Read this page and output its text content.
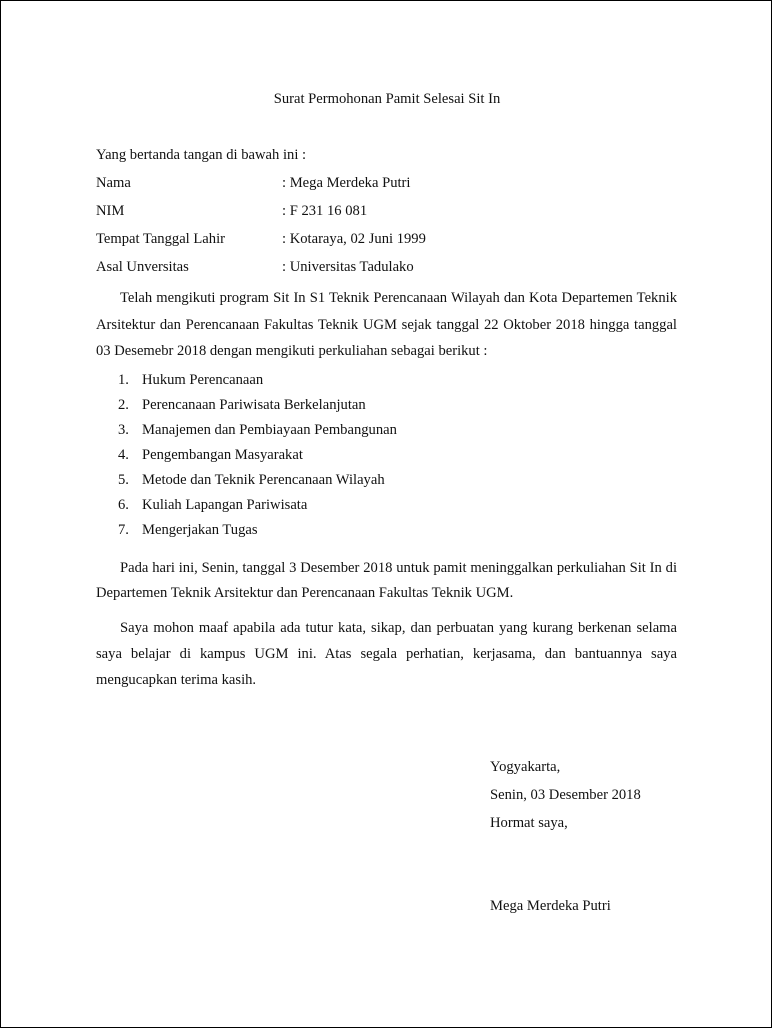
Surat Permohonan Pamit Selesai Sit In
Yang bertanda tangan di bawah ini :
Nama	: Mega Merdeka Putri
NIM	: F 231 16 081
Tempat Tanggal Lahir	: Kotaraya, 02 Juni 1999
Asal Unversitas	: Universitas Tadulako
Telah mengikuti program Sit In S1 Teknik Perencanaan Wilayah dan Kota Departemen Teknik Arsitektur dan Perencanaan Fakultas Teknik UGM sejak tanggal 22 Oktober 2018 hingga tanggal 03 Desemebr 2018 dengan mengikuti perkuliahan sebagai berikut :
1. Hukum Perencanaan
2. Perencanaan Pariwisata Berkelanjutan
3. Manajemen dan Pembiayaan Pembangunan
4. Pengembangan Masyarakat
5. Metode dan Teknik Perencanaan Wilayah
6. Kuliah Lapangan Pariwisata
7. Mengerjakan Tugas
Pada hari ini, Senin, tanggal 3 Desember 2018 untuk pamit meninggalkan perkuliahan Sit In di Departemen Teknik Arsitektur dan Perencanaan Fakultas Teknik UGM.
Saya mohon maaf apabila ada tutur kata, sikap, dan perbuatan yang kurang berkenan selama saya belajar di kampus UGM ini. Atas segala perhatian, kerjasama, dan bantuannya saya mengucapkan terima kasih.
Yogyakarta,
Senin, 03 Desember 2018
Hormat saya,
Mega Merdeka Putri
